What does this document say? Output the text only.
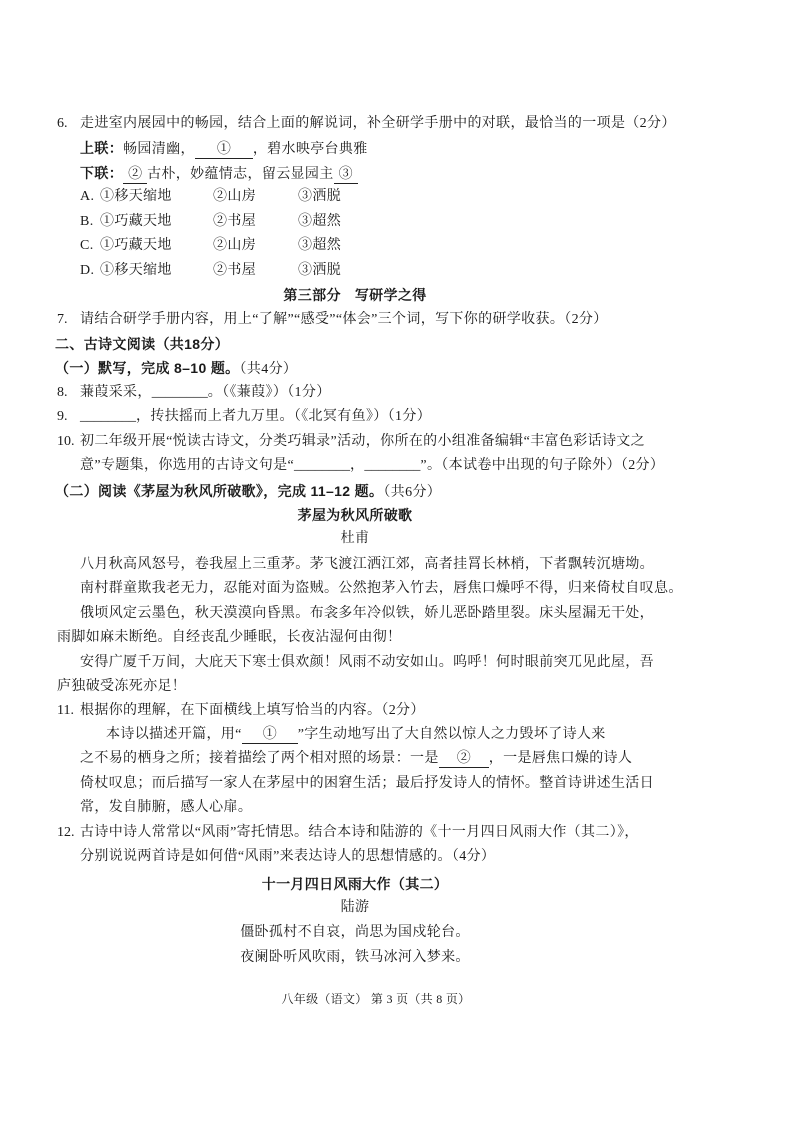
6. 走进室内展园中的畅园，结合上面的解说词，补全研学手册中的对联，最恰当的一项是（2分）
上联：畅园清幽， ① ，碧水映亭台典雅
下联： ② 古朴，妙蕴情志，留云显园主 ③
A. ①移天缩地	②山房	③洒脱
B. ①巧藏天地	②书屋	③超然
C. ①巧藏天地	②山房	③超然
D. ①移天缩地	②书屋	③洒脱
第三部分 写研学之得
7. 请结合研学手册内容，用上“了解”“感受”“体会”三个词，写下你的研学收获。（2分）
二、古诗文阅读（共18分）
（一）默写，完成 8–10 题。（共4分）
8. 蒹葭采采，________。（《蒹葭》）（1分）
9. ________，抟扶摇而上者九万里。（《北冥有鱼》）（1分）
10. 初二年级开展“悦读古诗文，分类巧辑录”活动，你所在的小组准备编辑“丰富色彩话诗文之
意”专题集，你选用的古诗文句是“________，________”。（本试卷中出现的句子除外）（2分）
（二）阅读《茅屋为秋风所破歌》，完成 11–12 题。（共6分）
茅屋为秋风所破歌
杜甫
八月秋高风怒号，卷我屋上三重茅。茅飞渡江洒江郊，高者挂罥长林梢，下者飘转沉塘坳。
南村群童欺我老无力，忍能对面为盗贼。公然抱茅入竹去，唇焦口燥呼不得，归来倚杖自叹息。
俄顷风定云墨色，秋天漠漠向昏黑。布衾多年冷似铁，娇儿恶卧踏里裂。床头屋漏无干处，
雨脚如麻未断绝。自经丧乱少睡眠，长夜沾湿何由彻！
安得广厦千万间，大庇天下寒士俱欢颜！风雨不动安如山。呜呼！何时眼前突兀见此屋，吾
庐独破受冻死亦足！
11. 根据你的理解，在下面横线上填写恰当的内容。（2分）
本诗以描述开篇，用“ ① ”字生动地写出了大自然以惊人之力毁坏了诗人来
之不易的栖身之所；接着描绘了两个相对照的场景：一是 ② ，一是唇焦口燥的诗人
倚杖叹息；而后描写一家人在茅屋中的困窘生活；最后抒发诗人的情怀。整首诗讲述生活日
常，发自肺腑，感人心扉。
12. 古诗中诗人常常以“风雨”寄托情思。结合本诗和陆游的《十一月四日风雨大作（其二）》，
分别说说两首诗是如何借“风雨”来表达诗人的思想情感的。（4分）
十一月四日风雨大作（其二）
陆游
僵卧孤村不自哀，尚思为国戍轮台。
夜阑卧听风吹雨，铁马冰河入梦来。
八年级（语文） 第 3 页（共 8 页）
